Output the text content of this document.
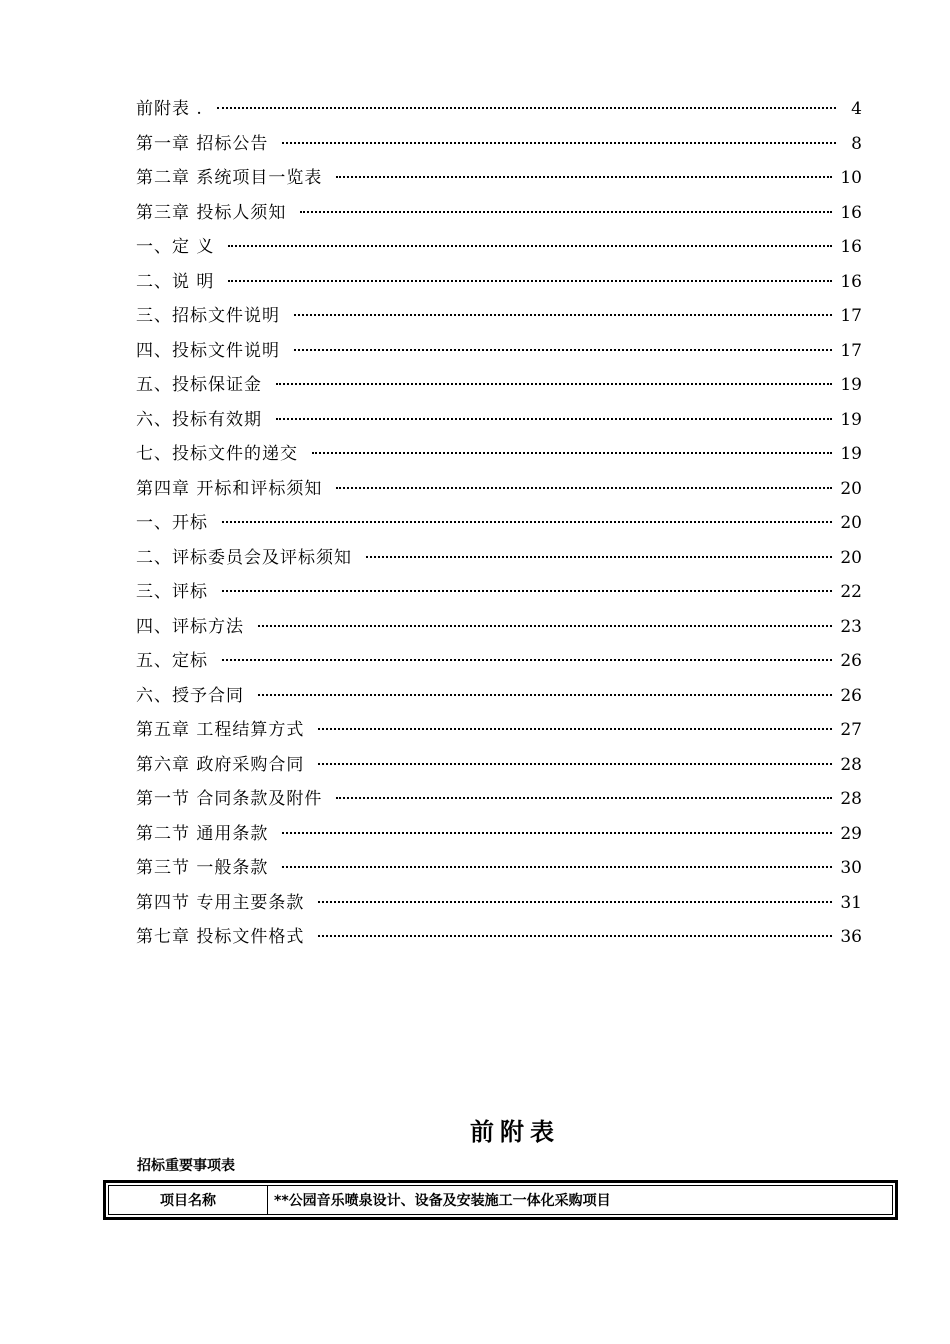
前附表 .	4
第一章 招标公告	8
第二章 系统项目一览表	10
第三章 投标人须知	16
一、定 义	16
二、说 明	16
三、招标文件说明	17
四、投标文件说明	17
五、投标保证金	19
六、投标有效期	19
七、投标文件的递交	19
第四章 开标和评标须知	20
一、开标	20
二、评标委员会及评标须知	20
三、评标	22
四、评标方法	23
五、定标	26
六、授予合同	26
第五章 工程结算方式	27
第六章 政府采购合同	28
第一节 合同条款及附件	28
第二节 通用条款	29
第三节 一般条款	30
第四节 专用主要条款	31
第七章 投标文件格式	36
前附表
招标重要事项表
项目名称	**公园音乐喷泉设计、设备及安装施工一体化采购项目
